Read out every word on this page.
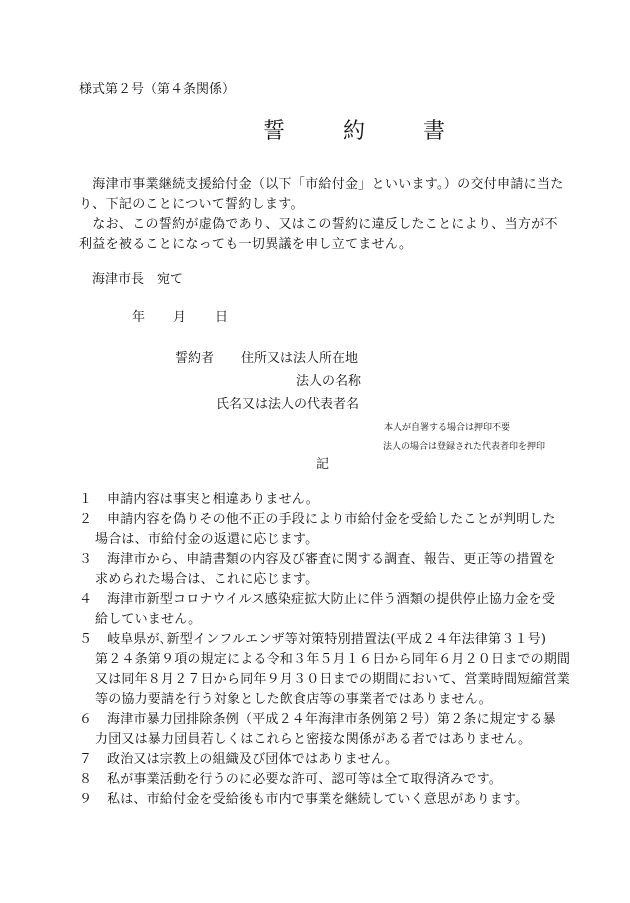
様式第２号（第４条関係）
誓　約　書
　海津市事業継続支援給付金（以下「市給付金」といいます。）の交付申請に当たり、下記のことについて誓約します。
　なお、この誓約が虚偽であり、又はこの誓約に違反したことにより、当方が不利益を被ることになっても一切異議を申し立てません。
海津市長　宛て
年 月 日
誓約者 住所又は法人所在地
法人の名称
氏名又は法人の代表者名
本人が自署する場合は押印不要
法人の場合は登録された代表者印を押印
記
１ 申請内容は事実と相違ありません。
２ 申請内容を偽りその他不正の手段により市給付金を受給したことが判明した
場合は、市給付金の返還に応じます。
３ 海津市から、申請書類の内容及び審査に関する調査、報告、更正等の措置を
求められた場合は、これに応じます。
４ 海津市新型コロナウイルス感染症拡大防止に伴う酒類の提供停止協力金を受
給していません。
５ 岐阜県が､新型インフルエンザ等対策特別措置法(平成２４年法律第３１号)
第２４条第９項の規定による令和３年５月１６日から同年６月２０日までの期間又は同年８月２７日から同年９月３０日までの期間において、営業時間短縮営業等の協力要請を行う対象とした飲食店等の事業者ではありません。
６ 海津市暴力団排除条例（平成２４年海津市条例第２号）第２条に規定する暴
力団又は暴力団員若しくはこれらと密接な関係がある者ではありません。
７ 政治又は宗教上の組織及び団体ではありません。
８ 私が事業活動を行うのに必要な許可、認可等は全て取得済みです。
９ 私は、市給付金を受給後も市内で事業を継続していく意思があります。
